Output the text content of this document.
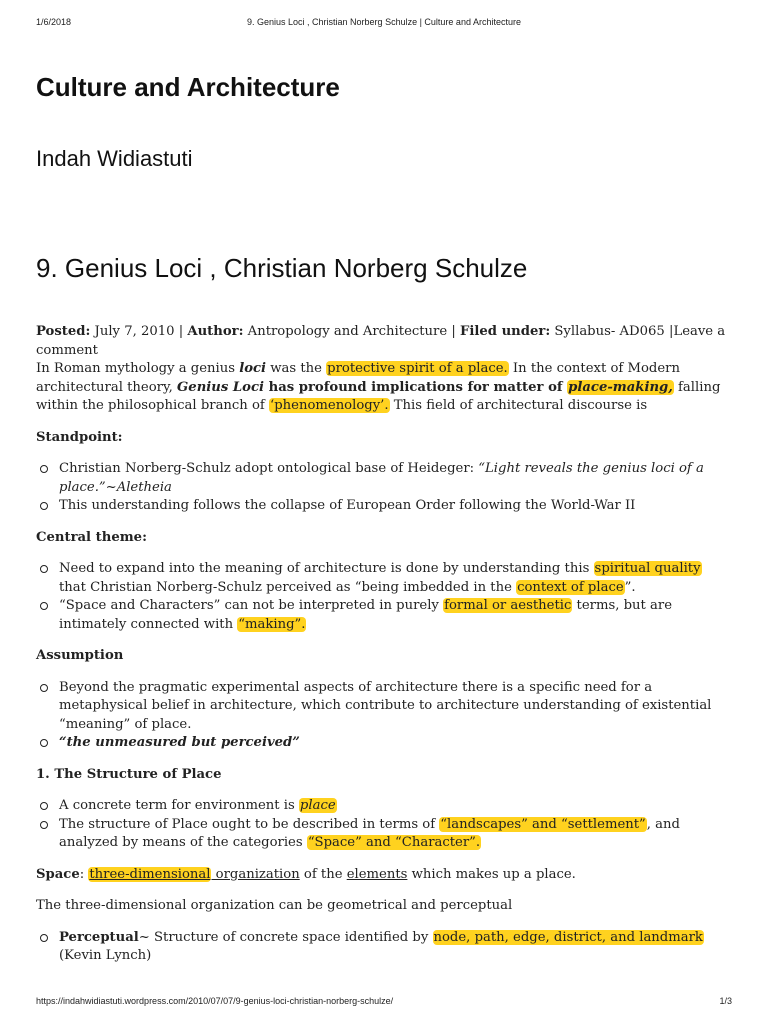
1/6/2018	9. Genius Loci , Christian Norberg Schulze | Culture and Architecture
Culture and Architecture
Indah Widiastuti
9. Genius Loci , Christian Norberg Schulze

Posted: July 7, 2010 | Author: Antropology and Architecture | Filed under: Syllabus- AD065 |Leave a comment

In Roman mythology a genius loci was the protective spirit of a place. In the context of Modern architectural theory, Genius Loci has profound implications for matter of place-making, falling within the philosophical branch of ‘phenomenology’. This field of architectural discourse is

Standpoint:
Christian Norberg-Schulz adopt ontological base of Heideger: “Light reveals the genius loci of a place.”~Aletheia
This understanding follows the collapse of European Order following the World-War II
Central theme:
Need to expand into the meaning of architecture is done by understanding this spiritual quality that Christian Norberg-Schulz perceived as “being imbedded in the context of place”.
“Space and Characters” can not be interpreted in purely formal or aesthetic terms, but are intimately connected with “making”.
Assumption
Beyond the pragmatic experimental aspects of architecture there is a specific need for a metaphysical belief in architecture, which contribute to architecture understanding of existential “meaning” of place.
“the unmeasured but perceived”
1. The Structure of Place
A concrete term for environment is place
The structure of Place ought to be described in terms of “landscapes” and “settlement”, and analyzed by means of the categories “Space” and “Character”.

Space: three-dimensional organization of the elements which makes up a place.

The three-dimensional organization can be geometrical and perceptual

Perceptual~ Structure of concrete space identified by node, path, edge, district, and landmark (Kevin Lynch)
https://indahwidiastuti.wordpress.com/2010/07/07/9-genius-loci-christian-norberg-schulze/	1/3
